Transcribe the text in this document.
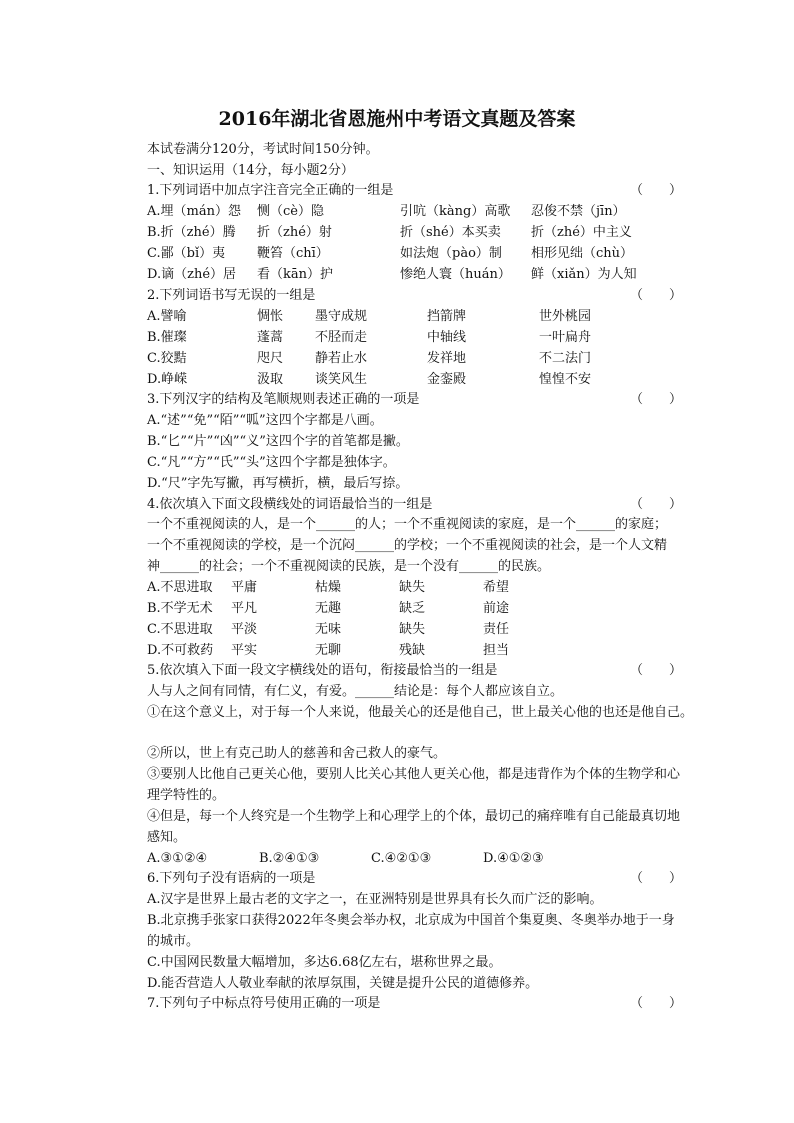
2016年湖北省恩施州中考语文真题及答案
本试卷满分120分，考试时间150分钟。
一、知识运用（14分，每小题2分）
1.下列词语中加点字注音完全正确的一组是	（　　）
A.埋（mán）怨 恻（cè）隐	引吭（kàng）高歌 忍俊不禁（jīn）
B.折（zhé）腾 折（zhé）射	折（shé）本买卖 折（zhé）中主义
C.鄙（bǐ）夷 鞭笞（chī）	如法炮（pào）制 相形见绌（chù）
D.谪（zhé）居 看（kān）护	惨绝人寰（huán） 鲜（xiǎn）为人知
2.下列词语书写无误的一组是	（　　）
A.譬喻	惆怅 墨守成规	挡箭牌	世外桃园
B.催璨	蓬蒿 不胫而走	中轴线	一叶扁舟
C.狡黠	咫尺 静若止水	发祥地	不二法门
D.峥嵘	汲取 谈笑风生	金銮殿	惶惶不安
3.下列汉字的结构及笔顺规则表述正确的一项是	（　　）
A.“述”“免”“陌”“呱”这四个字都是八画。
B.“匕”“片”“凶”“义”这四个字的首笔都是撇。
C.“凡”“方”“氏”“头”这四个字都是独体字。
D.“尺”字先写撇，再写横折，横，最后写捺。
4.依次填入下面文段横线处的词语最恰当的一组是	（　　）
一个不重视阅读的人，是一个______的人；一个不重视阅读的家庭，是一个______的家庭；
一个不重视阅读的学校，是一个沉闷______的学校；一个不重视阅读的社会，是一个人文精
神______的社会；一个不重视阅读的民族，是一个没有______的民族。
A.不思进取 平庸	枯燥	缺失	希望
B.不学无术 平凡	无趣	缺乏	前途
C.不思进取 平淡	无味	缺失	责任
D.不可救药 平实	无聊	残缺	担当
5.依次填入下面一段文字横线处的语句，衔接最恰当的一组是	（　　）
人与人之间有同情，有仁义，有爱。______结论是：每个人都应该自立。
①在这个意义上，对于每一个人来说，他最关心的还是他自己，世上最关心他的也还是他自己。
②所以，世上有克己助人的慈善和舍己救人的豪气。
③要别人比他自己更关心他，要别人比关心其他人更关心他，都是违背作为个体的生物学和心
理学特性的。
④但是，每一个人终究是一个生物学上和心理学上的个体，最切己的痛痒唯有自己能最真切地
感知。
A.③①②④	B.②④①③	C.④②①③	D.④①②③
6.下列句子没有语病的一项是	（　　）
A.汉字是世界上最古老的文字之一，在亚洲特别是世界具有长久而广泛的影响。
B.北京携手张家口获得2022年冬奥会举办权，北京成为中国首个集夏奥、冬奥举办地于一身
的城市。
C.中国网民数量大幅增加，多达6.68亿左右，堪称世界之最。
D.能否营造人人敬业奉献的浓厚氛围，关键是提升公民的道德修养。
7.下列句子中标点符号使用正确的一项是	（　　）
